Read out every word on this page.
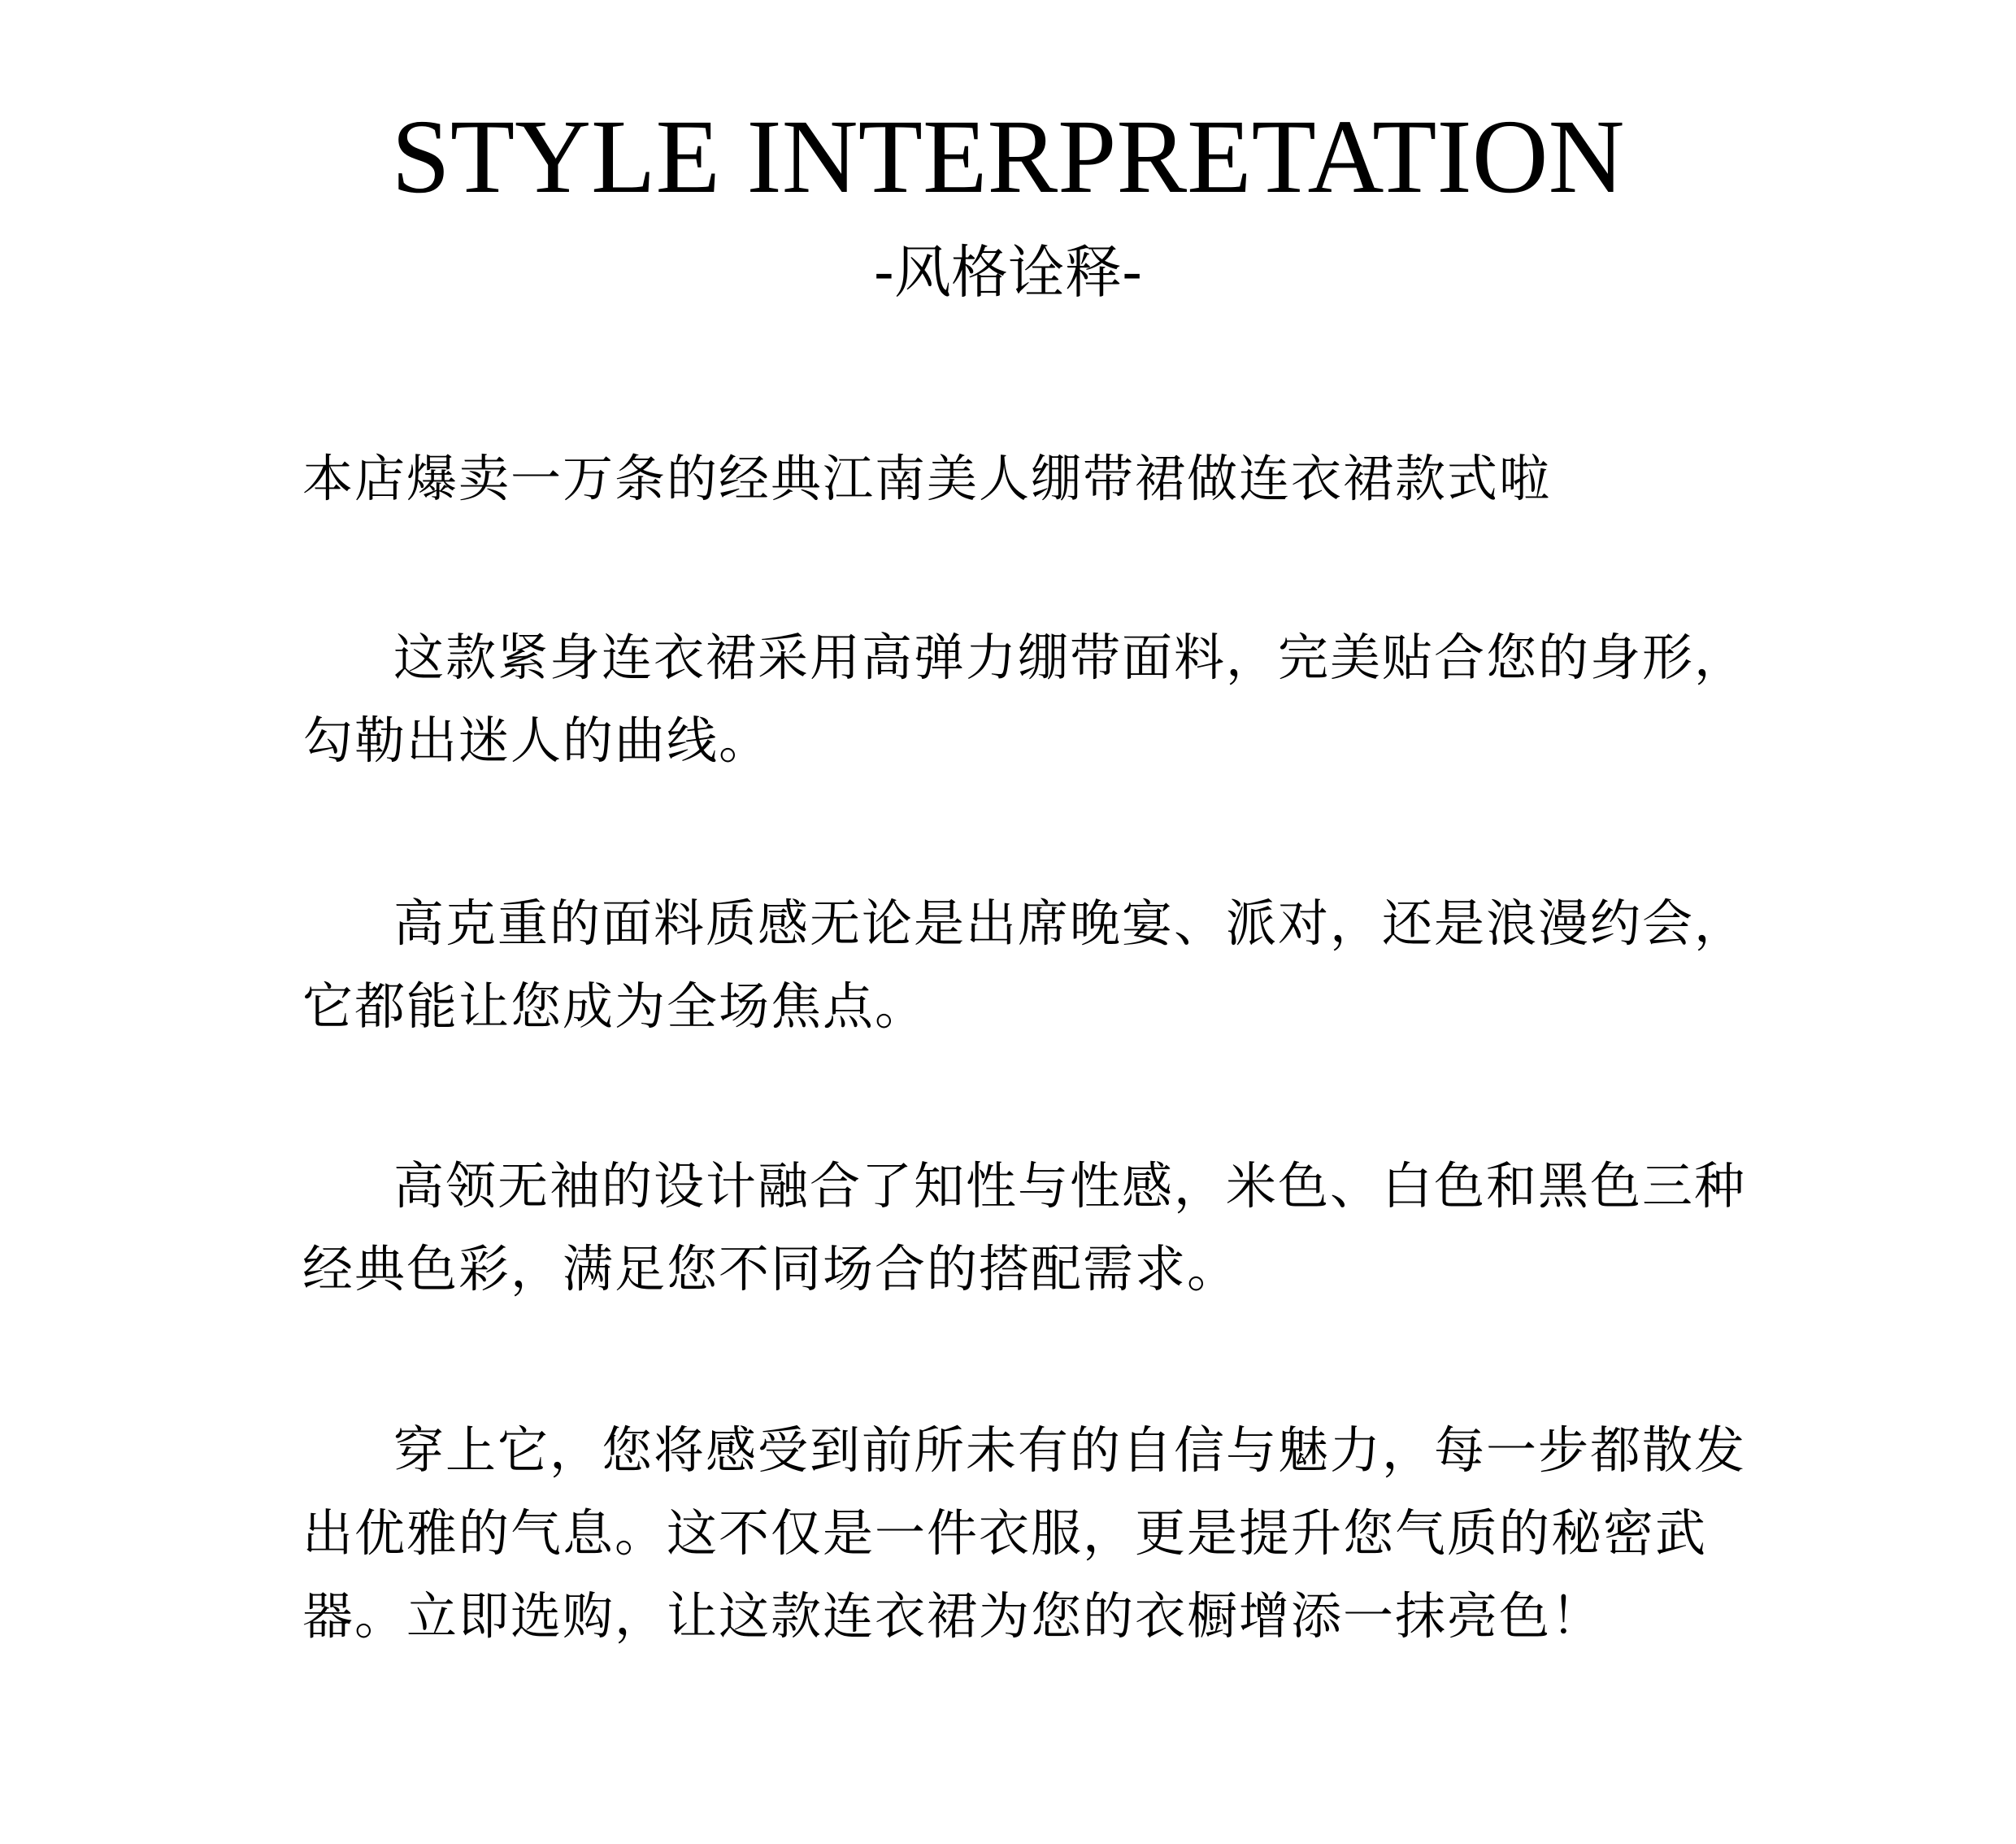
STYLE INTERPRETATION
-风格诠释-

本店爆卖一万条的经典江南美人绷带裙做连衣裙款式啦

这款紧身连衣裙采用高弹力绷带面料，完美贴合您的身形，勾勒出迷人的曲线。

高克重的面料质感无论是出席晚宴、派对，还是浪漫约会，它都能让您成为全场焦点。

高领无袖的设计融合了知性与性感，米色、白色和黑色三种经典色彩，满足您不同场合的搭配需求。

穿上它，您将感受到前所未有的自信与魅力，每一步都散发出优雅的气息。这不仅是一件衣服，更是提升您气质的秘密武器。立即选购，让这款连衣裙为您的衣橱增添一抹亮色！
